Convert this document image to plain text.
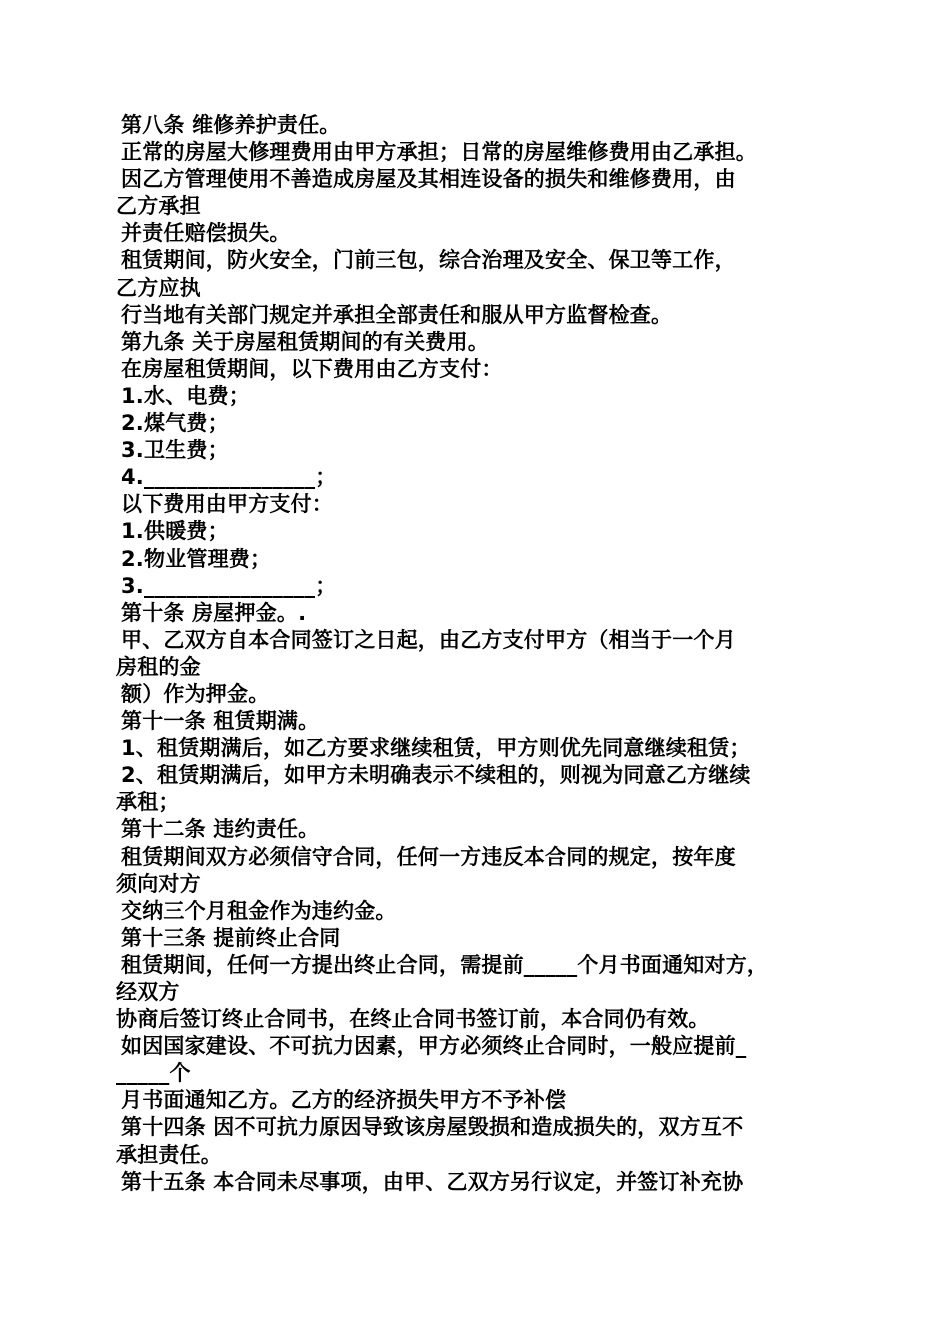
第八条 维修养护责任。
正常的房屋大修理费用由甲方承担；日常的房屋维修费用由乙承担。
因乙方管理使用不善造成房屋及其相连设备的损失和维修费用，由
乙方承担
并责任赔偿损失。
租赁期间，防火安全，门前三包，综合治理及安全、保卫等工作，
乙方应执
行当地有关部门规定并承担全部责任和服从甲方监督检查。
第九条 关于房屋租赁期间的有关费用。
在房屋租赁期间，以下费用由乙方支付：
1.水、电费；
2.煤气费；
3.卫生费；
4.________________；
以下费用由甲方支付：
1.供暖费；
2.物业管理费；
3.________________；
第十条 房屋押金。.
甲、乙双方自本合同签订之日起，由乙方支付甲方（相当于一个月
房租的金
额）作为押金。
第十一条 租赁期满。
1、租赁期满后，如乙方要求继续租赁，甲方则优先同意继续租赁；
2、租赁期满后，如甲方未明确表示不续租的，则视为同意乙方继续
承租；
第十二条 违约责任。
租赁期间双方必须信守合同，任何一方违反本合同的规定，按年度
须向对方
交纳三个月租金作为违约金。
第十三条 提前终止合同
租赁期间，任何一方提出终止合同，需提前_____个月书面通知对方，
经双方
协商后签订终止合同书，在终止合同书签订前，本合同仍有效。
如因国家建设、不可抗力因素，甲方必须终止合同时，一般应提前_
_____个
月书面通知乙方。乙方的经济损失甲方不予补偿
第十四条 因不可抗力原因导致该房屋毁损和造成损失的，双方互不
承担责任。
第十五条 本合同未尽事项，由甲、乙双方另行议定，并签订补充协
